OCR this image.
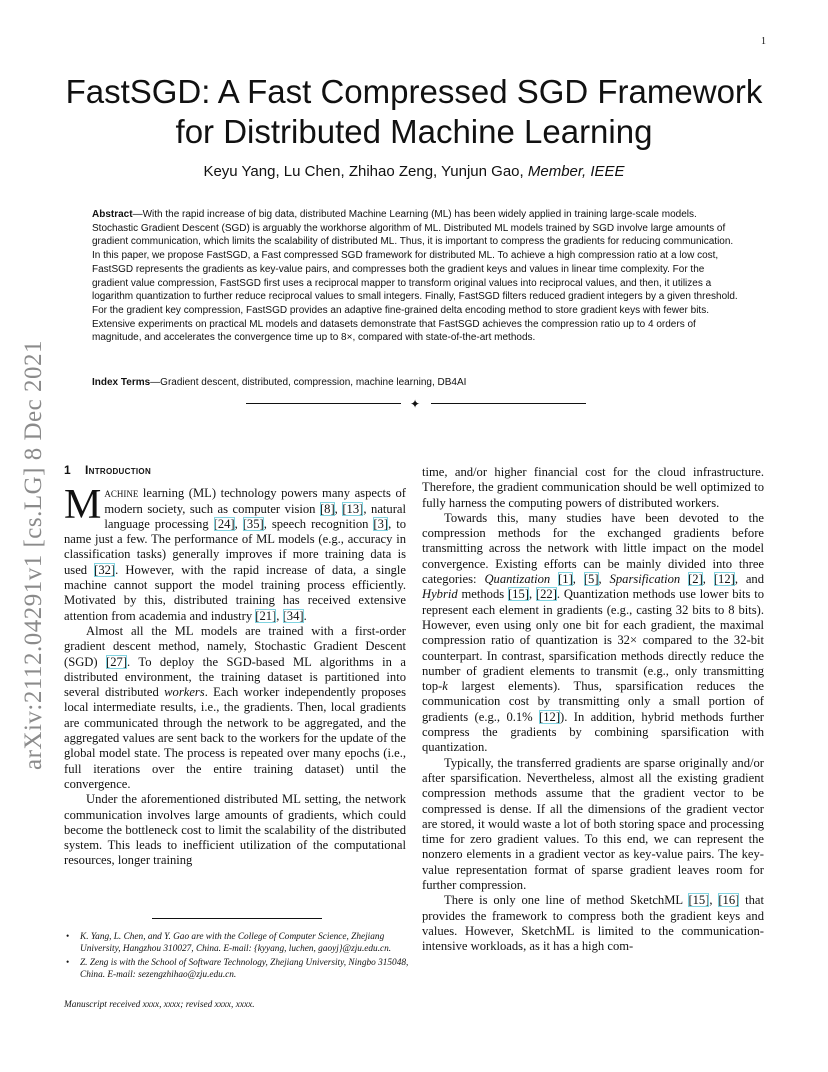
1
arXiv:2112.04291v1 [cs.LG] 8 Dec 2021
FastSGD: A Fast Compressed SGD Framework for Distributed Machine Learning
Keyu Yang, Lu Chen, Zhihao Zeng, Yunjun Gao, Member, IEEE

Abstract—With the rapid increase of big data, distributed Machine Learning (ML) has been widely applied in training large-scale models. Stochastic Gradient Descent (SGD) is arguably the workhorse algorithm of ML. Distributed ML models trained by SGD involve large amounts of gradient communication, which limits the scalability of distributed ML. Thus, it is important to compress the gradients for reducing communication. In this paper, we propose FastSGD, a Fast compressed SGD framework for distributed ML. To achieve a high compression ratio at a low cost, FastSGD represents the gradients as key-value pairs, and compresses both the gradient keys and values in linear time complexity. For the gradient value compression, FastSGD first uses a reciprocal mapper to transform original values into reciprocal values, and then, it utilizes a logarithm quantization to further reduce reciprocal values to small integers. Finally, FastSGD filters reduced gradient integers by a given threshold. For the gradient key compression, FastSGD provides an adaptive fine-grained delta encoding method to store gradient keys with fewer bits. Extensive experiments on practical ML models and datasets demonstrate that FastSGD achieves the compression ratio up to 4 orders of magnitude, and accelerates the convergence time up to 8×, compared with state-of-the-art methods.

Index Terms—Gradient descent, distributed, compression, machine learning, DB4AI

✦
1 Introduction

Machine learning (ML) technology powers many aspects of modern society, such as computer vision [8], [13], natural language processing [24], [35], speech recognition [3], to name just a few. The performance of ML models (e.g., accuracy in classification tasks) generally improves if more training data is used [32]. However, with the rapid increase of data, a single machine cannot support the model training process efficiently. Motivated by this, distributed training has received extensive attention from academia and industry [21], [34].

Almost all the ML models are trained with a first-order gradient descent method, namely, Stochastic Gradient Descent (SGD) [27]. To deploy the SGD-based ML algorithms in a distributed environment, the training dataset is partitioned into several distributed workers. Each worker independently proposes local intermediate results, i.e., the gradients. Then, local gradients are communicated through the network to be aggregated, and the aggregated values are sent back to the workers for the update of the global model state. The process is repeated over many epochs (i.e., full iterations over the entire training dataset) until the convergence.

Under the aforementioned distributed ML setting, the network communication involves large amounts of gradients, which could become the bottleneck cost to limit the scalability of the distributed system. This leads to inefficient utilization of the computational resources, longer training

time, and/or higher financial cost for the cloud infrastructure. Therefore, the gradient communication should be well optimized to fully harness the computing powers of distributed workers.

Towards this, many studies have been devoted to the compression methods for the exchanged gradients before transmitting across the network with little impact on the model convergence. Existing efforts can be mainly divided into three categories: Quantization [1], [5], Sparsification [2], [12], and Hybrid methods [15], [22]. Quantization methods use lower bits to represent each element in gradients (e.g., casting 32 bits to 8 bits). However, even using only one bit for each gradient, the maximal compression ratio of quantization is 32× compared to the 32-bit counterpart. In contrast, sparsification methods directly reduce the number of gradient elements to transmit (e.g., only transmitting top-k largest elements). Thus, sparsification reduces the communication cost by transmitting only a small portion of gradients (e.g., 0.1% [12]). In addition, hybrid methods further compress the gradients by combining sparsification with quantization.

Typically, the transferred gradients are sparse originally and/or after sparsification. Nevertheless, almost all the existing gradient compression methods assume that the gradient vector to be compressed is dense. If all the dimensions of the gradient vector are stored, it would waste a lot of both storing space and processing time for zero gradient values. To this end, we can represent the nonzero elements in a gradient vector as key-value pairs. The key-value representation format of sparse gradient leaves room for further compression.

There is only one line of method SketchML [15], [16] that provides the framework to compress both the gradient keys and values. However, SketchML is limited to the communication-intensive workloads, as it has a high com-

• K. Yang, L. Chen, and Y. Gao are with the College of Computer Science, Zhejiang University, Hangzhou 310027, China. E-mail: {kyyang, luchen, gaoyj}@zju.edu.cn.
• Z. Zeng is with the School of Software Technology, Zhejiang University, Ningbo 315048, China. E-mail: sezengzhihao@zju.edu.cn.
Manuscript received xxxx, xxxx; revised xxxx, xxxx.
